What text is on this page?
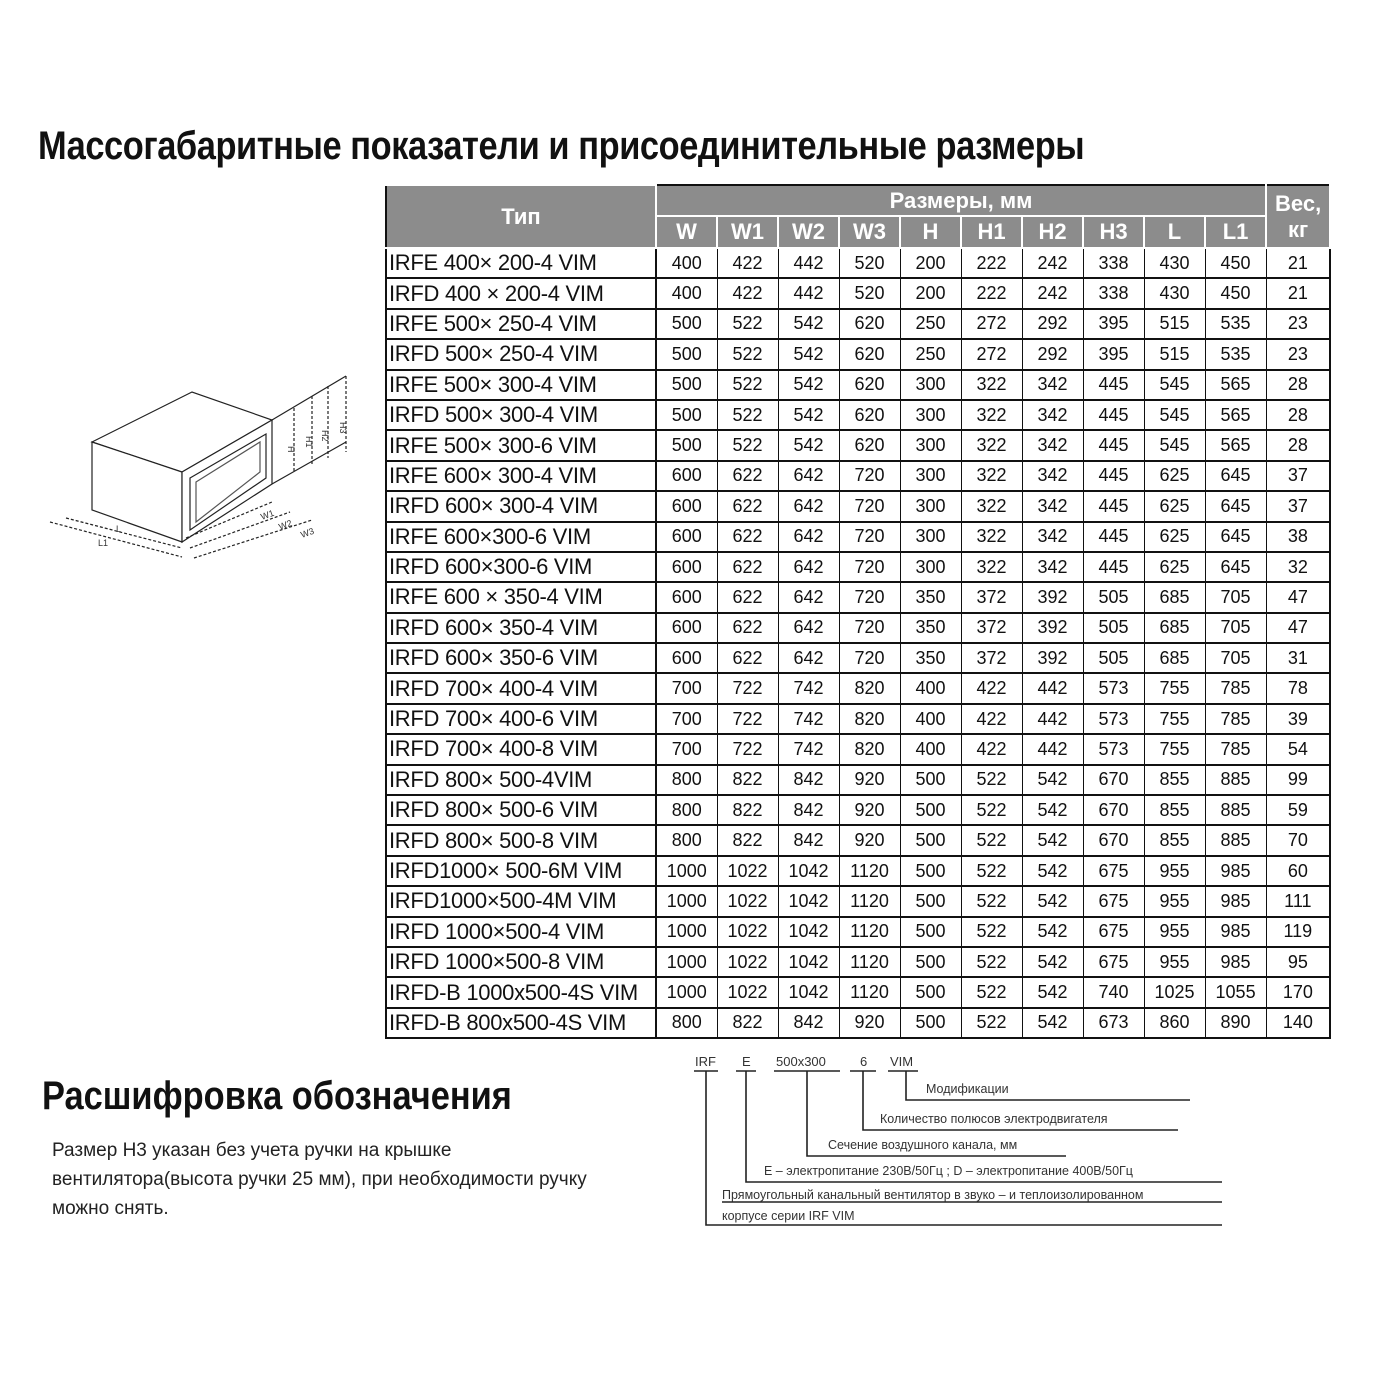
Массогабаритные показатели и присоединительные размеры
Тип	Размеры, мм										Вес,
кг
	W	W1	W2	W3	H	H1	H2	H3	L	L1	
IRFE 400× 200-4 VIM	400	422	442	520	200	222	242	338	430	450	21
IRFD 400 × 200-4 VIM	400	422	442	520	200	222	242	338	430	450	21
IRFE 500× 250-4 VIM	500	522	542	620	250	272	292	395	515	535	23
IRFD 500× 250-4 VIM	500	522	542	620	250	272	292	395	515	535	23
IRFE 500× 300-4 VIM	500	522	542	620	300	322	342	445	545	565	28
IRFD 500× 300-4 VIM	500	522	542	620	300	322	342	445	545	565	28
IRFE 500× 300-6 VIM	500	522	542	620	300	322	342	445	545	565	28
IRFE 600× 300-4 VIM	600	622	642	720	300	322	342	445	625	645	37
IRFD 600× 300-4 VIM	600	622	642	720	300	322	342	445	625	645	37
IRFE 600×300-6 VIM	600	622	642	720	300	322	342	445	625	645	38
IRFD 600×300-6 VIM	600	622	642	720	300	322	342	445	625	645	32
IRFE 600 × 350-4 VIM	600	622	642	720	350	372	392	505	685	705	47
IRFD 600× 350-4 VIM	600	622	642	720	350	372	392	505	685	705	47
IRFD 600× 350-6 VIM	600	622	642	720	350	372	392	505	685	705	31
IRFD 700× 400-4 VIM	700	722	742	820	400	422	442	573	755	785	78
IRFD 700× 400-6 VIM	700	722	742	820	400	422	442	573	755	785	39
IRFD 700× 400-8 VIM	700	722	742	820	400	422	442	573	755	785	54
IRFD 800× 500-4VIM	800	822	842	920	500	522	542	670	855	885	99
IRFD 800× 500-6 VIM	800	822	842	920	500	522	542	670	855	885	59
IRFD 800× 500-8 VIM	800	822	842	920	500	522	542	670	855	885	70
IRFD1000× 500-6M VIM	1000	1022	1042	1120	500	522	542	675	955	985	60
IRFD1000×500-4M VIM	1000	1022	1042	1120	500	522	542	675	955	985	111
IRFD 1000×500-4 VIM	1000	1022	1042	1120	500	522	542	675	955	985	119
IRFD 1000×500-8 VIM	1000	1022	1042	1120	500	522	542	675	955	985	95
IRFD-B 1000x500-4S VIM	1000	1022	1042	1120	500	522	542	740	1025	1055	170
IRFD-B 800x500-4S VIM	800	822	842	920	500	522	542	673	860	890	140
H3
H2
H1
H
W1
W2
W3
L
L1
Расшифровка обозначения
Размер Н3 указан без учета ручки на крышке
вентилятора(высота ручки 25 мм), при необходимости ручку
можно снять.
IRF E 500x300	6 VIM
Модификации
Количество полюсов электродвигателя
Сечение воздушного канала, мм
E – электропитание 230В/50Гц ; D – электропитание 400В/50Гц
Прямоугольный канальный вентилятор в звуко – и теплоизолированном
корпусе серии IRF VIM
